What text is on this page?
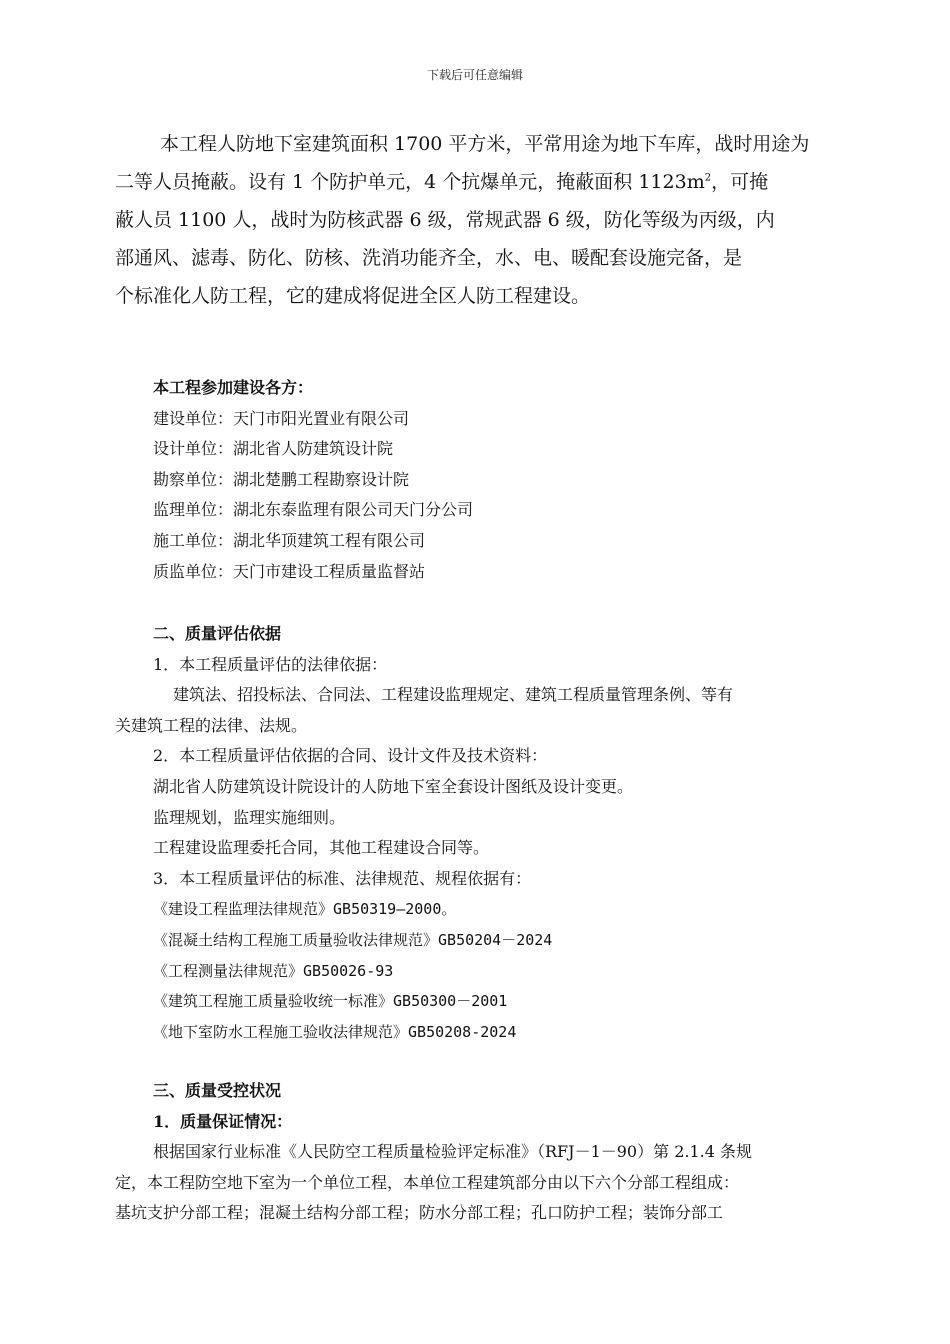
下载后可任意编辑
本工程人防地下室建筑面积 1700 平方米，平常用途为地下车库，战时用途为
二等人员掩蔽。设有 1 个防护单元，4 个抗爆单元，掩蔽面积 $1123m^2$，可掩
蔽人员 1100 人，战时为防核武器 6 级，常规武器 6 级，防化等级为丙级，内
部通风、滤毒、防化、防核、洗消功能齐全，水、电、暖配套设施完备，是
个标准化人防工程，它的建成将促进全区人防工程建设。
本工程参加建设各方：
建设单位：天门市阳光置业有限公司
设计单位：湖北省人防建筑设计院
勘察单位：湖北楚鹏工程勘察设计院
监理单位：湖北东泰监理有限公司天门分公司
施工单位：湖北华顶建筑工程有限公司
质监单位：天门市建设工程质量监督站
二、质量评估依据
1．本工程质量评估的法律依据：
建筑法、招投标法、合同法、工程建设监理规定、建筑工程质量管理条例、等有
关建筑工程的法律、法规。
2．本工程质量评估依据的合同、设计文件及技术资料：
湖北省人防建筑设计院设计的人防地下室全套设计图纸及设计变更。
监理规划，监理实施细则。
工程建设监理委托合同，其他工程建设合同等。
3．本工程质量评估的标准、法律规范、规程依据有：
《建设工程监理法律规范》GB50319—2000。
《混凝土结构工程施工质量验收法律规范》GB50204－2024
《工程测量法律规范》GB50026-93
《建筑工程施工质量验收统一标准》GB50300－2001
《地下室防水工程施工验收法律规范》GB50208-2024
三、质量受控状况
1．质量保证情况：
根据国家行业标准《人民防空工程质量检验评定标准》（RFJ－1－90）第 2.1.4 条规
定，本工程防空地下室为一个单位工程，本单位工程建筑部分由以下六个分部工程组成：
基坑支护分部工程；混凝土结构分部工程；防水分部工程；孔口防护工程；装饰分部工
